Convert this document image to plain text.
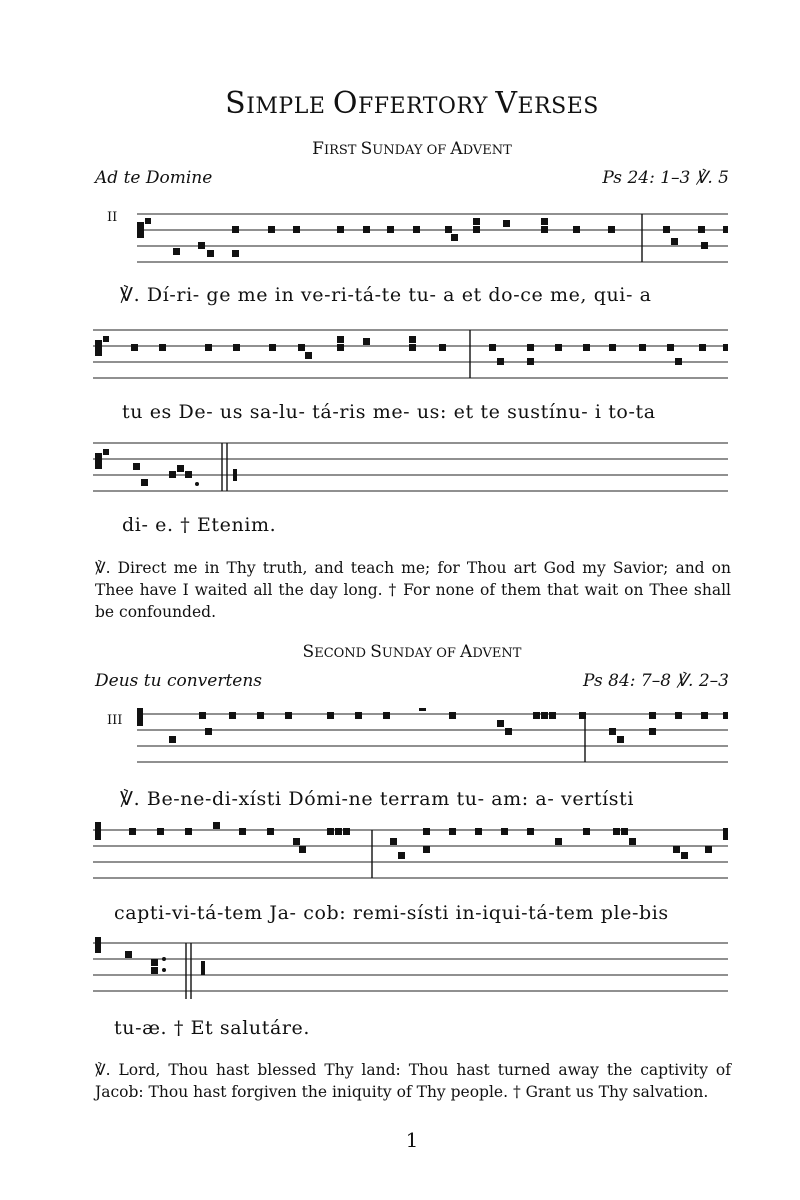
SIMPLE OFFERTORY VERSES
FIRST SUNDAY OF ADVENT
Ad te Domine	Ps 24: 1–3 ℣. 5
II
℣. Dí-ri- ge me in ve-ri-tá-te tu- a et do-ce me, qui- a
tu es De- us sa-lu- tá-ris me- us: et te sustínu- i to-ta
di- e. † Etenim.
℣. Direct me in Thy truth, and teach me; for Thou art God my Savior; and on Thee have I waited all the day long. † For none of them that wait on Thee shall be confounded.
SECOND SUNDAY OF ADVENT
Deus tu convertens	Ps 84: 7–8 ℣. 2–3
III
℣. Be-ne-di-xísti Dómi-ne terram tu- am: a- vertísti
capti-vi-tá-tem Ja- cob: remi-sísti in-iqui-tá-tem ple-bis
tu-æ. † Et salutáre.
℣. Lord, Thou hast blessed Thy land: Thou hast turned away the captivity of Jacob: Thou hast forgiven the iniquity of Thy people. † Grant us Thy salvation.
1
